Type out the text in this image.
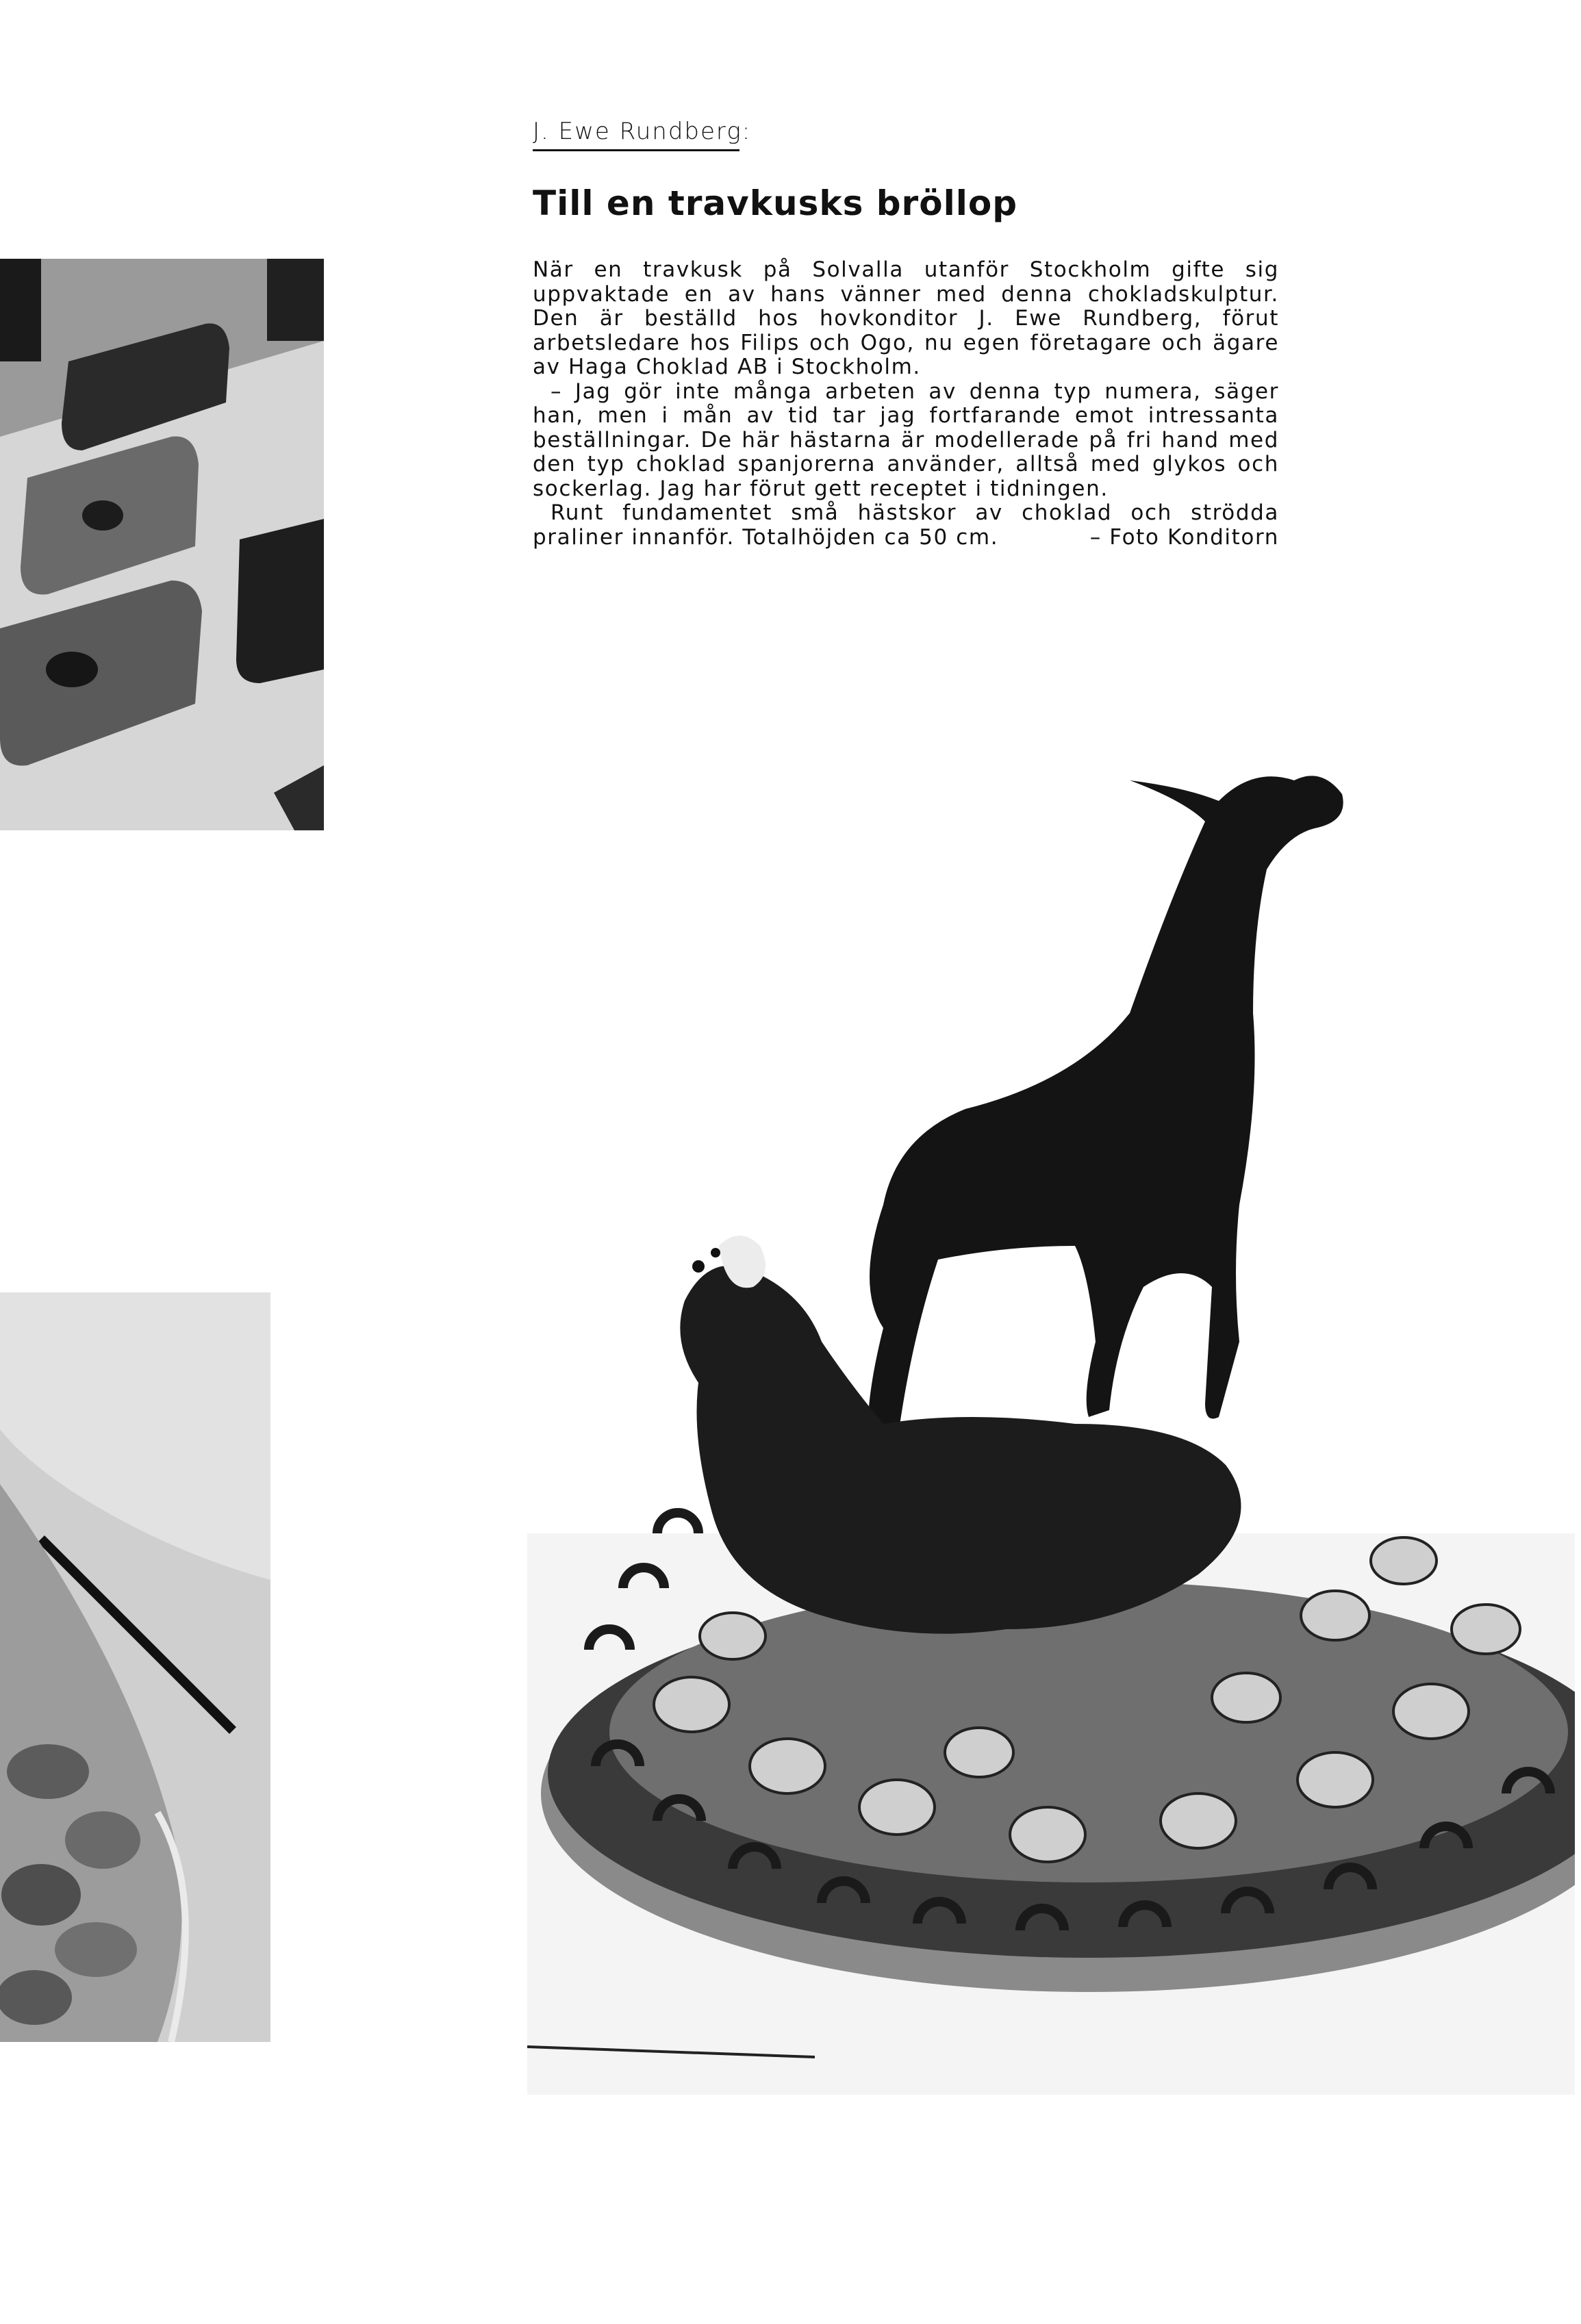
J. Ewe Rundberg:
Till en travkusks bröllop

När en travkusk på Solvalla utanför Stockholm gifte sig uppvaktade en av hans vänner med denna chokladskulptur. Den är beställd hos hovkonditor J. Ewe Rundberg, förut arbetsledare hos Filips och Ogo, nu egen företagare och ägare av Haga Choklad AB i Stockholm.

– Jag gör inte många arbeten av denna typ numera, säger han, men i mån av tid tar jag fortfarande emot intressanta beställningar. De här hästarna är modellerade på fri hand med den typ choklad spanjorerna använder, alltså med glykos och sockerlag. Jag har förut gett receptet i tidningen.

Runt fundamentet små hästskor av choklad och strödda praliner innanför. Totalhöjden ca 50 cm.	– Foto Konditorn
